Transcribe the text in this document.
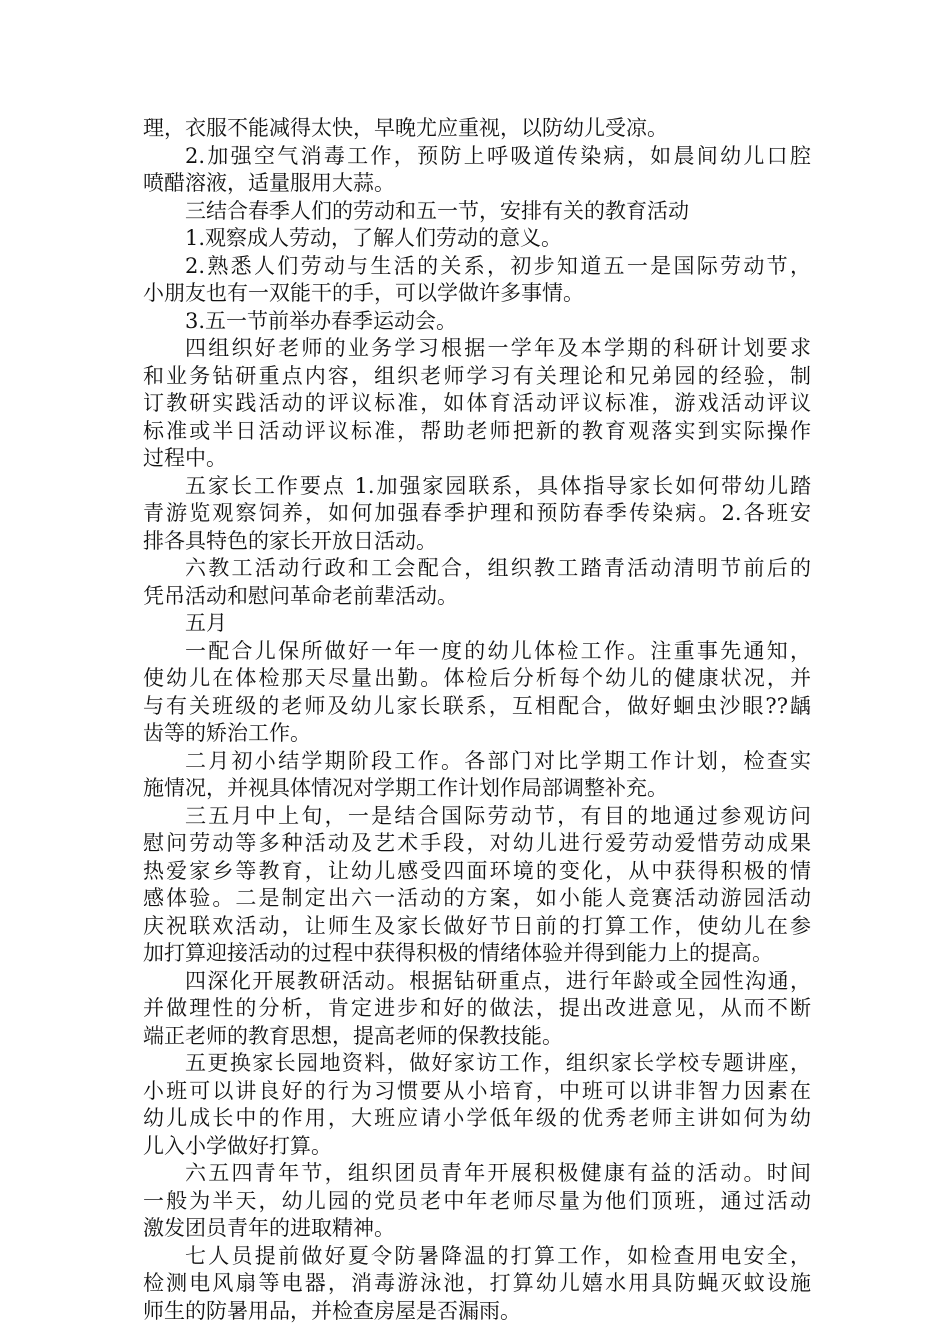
理，衣服不能减得太快，早晚尤应重视，以防幼儿受凉。
2.加强空气消毒工作，预防上呼吸道传染病，如晨间幼儿口腔
喷醋溶液，适量服用大蒜。
三结合春季人们的劳动和五一节，安排有关的教育活动
1.观察成人劳动，了解人们劳动的意义。
2.熟悉人们劳动与生活的关系，初步知道五一是国际劳动节，
小朋友也有一双能干的手，可以学做许多事情。
3.五一节前举办春季运动会。
四组织好老师的业务学习根据一学年及本学期的科研计划要求
和业务钻研重点内容，组织老师学习有关理论和兄弟园的经验，制
订教研实践活动的评议标准，如体育活动评议标准，游戏活动评议
标准或半日活动评议标准，帮助老师把新的教育观落实到实际操作
过程中。
五家长工作要点 1.加强家园联系，具体指导家长如何带幼儿踏
青游览观察饲养，如何加强春季护理和预防春季传染病。2.各班安
排各具特色的家长开放日活动。
六教工活动行政和工会配合，组织教工踏青活动清明节前后的
凭吊活动和慰问革命老前辈活动。
五月
一配合儿保所做好一年一度的幼儿体检工作。注重事先通知，
使幼儿在体检那天尽量出勤。体检后分析每个幼儿的健康状况，并
与有关班级的老师及幼儿家长联系，互相配合，做好蛔虫沙眼??龋
齿等的矫治工作。
二月初小结学期阶段工作。各部门对比学期工作计划，检查实
施情况，并视具体情况对学期工作计划作局部调整补充。
三五月中上旬，一是结合国际劳动节，有目的地通过参观访问
慰问劳动等多种活动及艺术手段，对幼儿进行爱劳动爱惜劳动成果
热爱家乡等教育，让幼儿感受四面环境的变化，从中获得积极的情
感体验。二是制定出六一活动的方案，如小能人竞赛活动游园活动
庆祝联欢活动，让师生及家长做好节日前的打算工作，使幼儿在参
加打算迎接活动的过程中获得积极的情绪体验并得到能力上的提高。
四深化开展教研活动。根据钻研重点，进行年龄或全园性沟通，
并做理性的分析，肯定进步和好的做法，提出改进意见，从而不断
端正老师的教育思想，提高老师的保教技能。
五更换家长园地资料，做好家访工作，组织家长学校专题讲座，
小班可以讲良好的行为习惯要从小培育，中班可以讲非智力因素在
幼儿成长中的作用，大班应请小学低年级的优秀老师主讲如何为幼
儿入小学做好打算。
六五四青年节，组织团员青年开展积极健康有益的活动。时间
一般为半天，幼儿园的党员老中年老师尽量为他们顶班，通过活动
激发团员青年的进取精神。
七人员提前做好夏令防暑降温的打算工作，如检查用电安全，
检测电风扇等电器，消毒游泳池，打算幼儿嬉水用具防蝇灭蚊设施
师生的防暑用品，并检查房屋是否漏雨。
